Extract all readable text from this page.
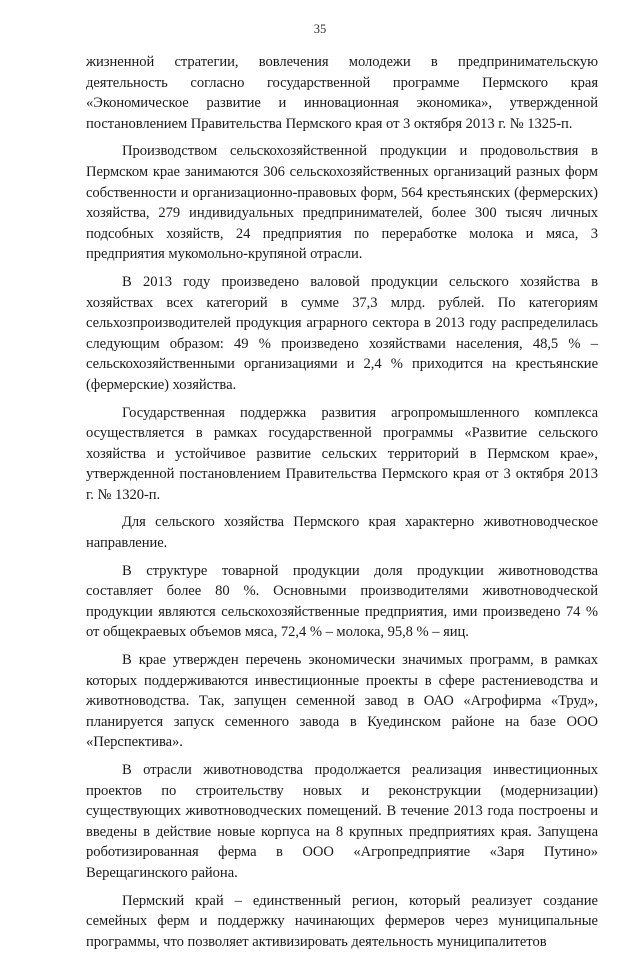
35

жизненной стратегии, вовлечения молодежи в предпринимательскую деятельность согласно государственной программе Пермского края «Экономическое развитие и инновационная экономика», утвержденной постановлением Правительства Пермского края от 3 октября 2013 г. № 1325-п.

Производством сельскохозяйственной продукции и продовольствия в Пермском крае занимаются 306 сельскохозяйственных организаций разных форм собственности и организационно-правовых форм, 564 крестьянских (фермерских) хозяйства, 279 индивидуальных предпринимателей, более 300 тысяч личных подсобных хозяйств, 24 предприятия по переработке молока и мяса, 3 предприятия мукомольно-крупяной отрасли.

В 2013 году произведено валовой продукции сельского хозяйства в хозяйствах всех категорий в сумме 37,3 млрд. рублей. По категориям сельхозпроизводителей продукция аграрного сектора в 2013 году распределилась следующим образом: 49 % произведено хозяйствами населения, 48,5 % – сельскохозяйственными организациями и 2,4 % приходится на крестьянские (фермерские) хозяйства.

Государственная поддержка развития агропромышленного комплекса осуществляется в рамках государственной программы «Развитие сельского хозяйства и устойчивое развитие сельских территорий в Пермском крае», утвержденной постановлением Правительства Пермского края от 3 октября 2013 г. № 1320-п.

Для сельского хозяйства Пермского края характерно животноводческое направление.

В структуре товарной продукции доля продукции животноводства составляет более 80 %. Основными производителями животноводческой продукции являются сельскохозяйственные предприятия, ими произведено 74 % от общекраевых объемов мяса, 72,4 % – молока, 95,8 % – яиц.

В крае утвержден перечень экономически значимых программ, в рамках которых поддерживаются инвестиционные проекты в сфере растениеводства и животноводства. Так, запущен семенной завод в ОАО «Агрофирма «Труд», планируется запуск семенного завода в Куединском районе на базе ООО «Перспектива».

В отрасли животноводства продолжается реализация инвестиционных проектов по строительству новых и реконструкции (модернизации) существующих животноводческих помещений. В течение 2013 года построены и введены в действие новые корпуса на 8 крупных предприятиях края. Запущена роботизированная ферма в ООО «Агропредприятие «Заря Путино» Верещагинского района.

Пермский край – единственный регион, который реализует создание семейных ферм и поддержку начинающих фермеров через муниципальные программы, что позволяет активизировать деятельность муниципалитетов
